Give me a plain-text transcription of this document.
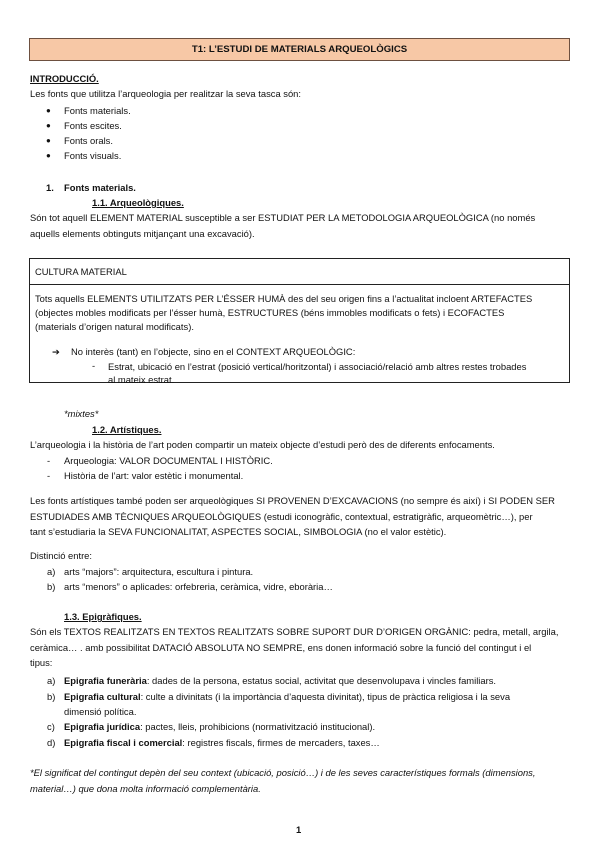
T1: L’ESTUDI DE MATERIALS ARQUEOLÒGICS
INTRODUCCIÓ.
Les fonts que utilitza l’arqueologia per realitzar la seva tasca són:
● Fonts materials.
● Fonts escites.
● Fonts orals.
● Fonts visuals.
1. Fonts materials.
1.1. Arqueològiques.
Són tot aquell ELEMENT MATERIAL susceptible a ser ESTUDIAT PER LA METODOLOGIA ARQUEOLÒGICA (no només
aquells elements obtinguts mitjançant una excavació).
CULTURA MATERIAL
Tots aquells ELEMENTS UTILITZATS PER L’ÉSSER HUMÀ des del seu origen fins a l’actualitat incloent ARTEFACTES
(objectes mobles modificats per l’ésser humà, ESTRUCTURES (béns immobles modificats o fets) i ECOFACTES
(materials d’origen natural modificats).
➔ No interès (tant) en l’objecte, sino en el CONTEXT ARQUEOLÒGIC:
- Estrat, ubicació en l’estrat (posició vertical/horitzontal) i associació/relació amb altres restes trobades
al mateix estrat.
*mixtes*
1.2. Artístiques.
L’arqueologia i la història de l’art poden compartir un mateix objecte d’estudi però des de diferents enfocaments.
- Arqueologia: VALOR DOCUMENTAL I HISTÒRIC.
- Història de l’art: valor estètic i monumental.
Les fonts artístiques també poden ser arqueològiques SI PROVENEN D’EXCAVACIONS (no sempre és així) i SI PODEN SER
ESTUDIADES AMB TÈCNIQUES ARQUEOLÒGIQUES (estudi iconogràfic, contextual, estratigràfic, arqueomètric…), per
tant s’estudiaria la SEVA FUNCIONALITAT, ASPECTES SOCIAL, SIMBOLOGIA (no el valor estètic).
Distinció entre:
a) arts “majors”: arquitectura, escultura i pintura.
b) arts “menors” o aplicades: orfebreria, ceràmica, vidre, eborària…
1.3. Epigràfiques.
Són els TEXTOS REALITZATS EN TEXTOS REALITZATS SOBRE SUPORT DUR D’ORIGEN ORGÀNIC: pedra, metall, argila,
ceràmica… . amb possibilitat DATACIÓ ABSOLUTA NO SEMPRE, ens donen informació sobre la funció del contingut i el
tipus:
a) Epigrafia funerària: dades de la persona, estatus social, activitat que desenvolupava i vincles familiars.
b) Epigrafia cultural: culte a divinitats (i la importància d’aquesta divinitat), tipus de pràctica religiosa i la seva
dimensió política.
c) Epigrafia jurídica: pactes, lleis, prohibicions (normativització institucional).
d) Epigrafia fiscal i comercial: registres fiscals, firmes de mercaders, taxes…
*El significat del contingut depèn del seu context (ubicació, posició…) i de les seves característiques formals (dimensions,
material…) que dona molta informació complementària.
1
